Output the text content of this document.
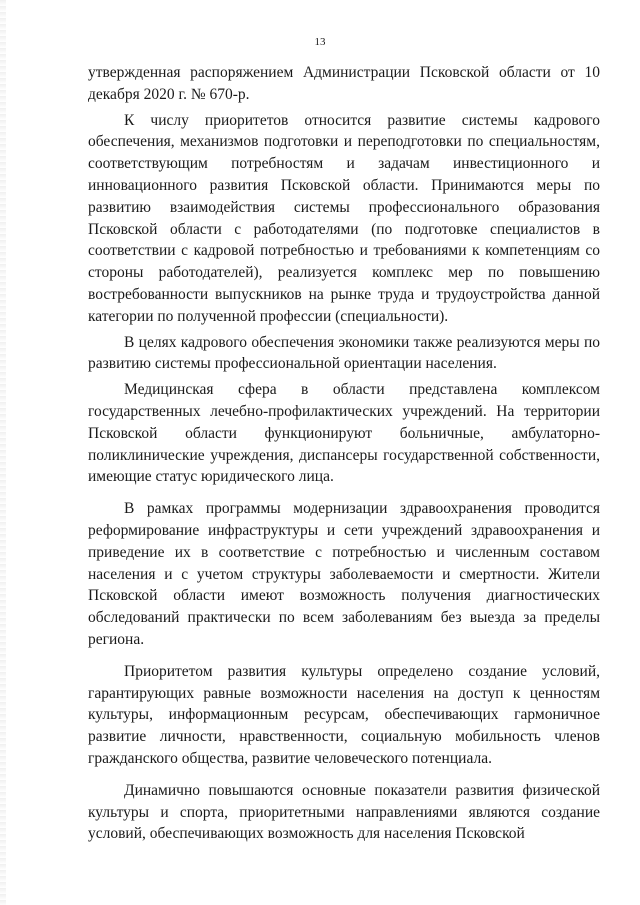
13

утвержденная распоряжением Администрации Псковской области от 10 декабря 2020 г. № 670-р.

К числу приоритетов относится развитие системы кадрового обеспечения, механизмов подготовки и переподготовки по специальностям, соответствующим потребностям и задачам инвестиционного и инновационного развития Псковской области. Принимаются меры по развитию взаимодействия системы профессионального образования Псковской области с работодателями (по подготовке специалистов в соответствии с кадровой потребностью и требованиями к компетенциям со стороны работодателей), реализуется комплекс мер по повышению востребованности выпускников на рынке труда и трудоустройства данной категории по полученной профессии (специальности).

В целях кадрового обеспечения экономики также реализуются меры по развитию системы профессиональной ориентации населения.

Медицинская сфера в области представлена комплексом государственных лечебно-профилактических учреждений. На территории Псковской области функционируют больничные, амбулаторно-поликлинические учреждения, диспансеры государственной собственности, имеющие статус юридического лица.

В рамках программы модернизации здравоохранения проводится реформирование инфраструктуры и сети учреждений здравоохранения и приведение их в соответствие с потребностью и численным составом населения и с учетом структуры заболеваемости и смертности. Жители Псковской области имеют возможность получения диагностических обследований практически по всем заболеваниям без выезда за пределы региона.

Приоритетом развития культуры определено создание условий, гарантирующих равные возможности населения на доступ к ценностям культуры, информационным ресурсам, обеспечивающих гармоничное развитие личности, нравственности, социальную мобильность членов гражданского общества, развитие человеческого потенциала.

Динамично повышаются основные показатели развития физической культуры и спорта, приоритетными направлениями являются создание условий, обеспечивающих возможность для населения Псковской
